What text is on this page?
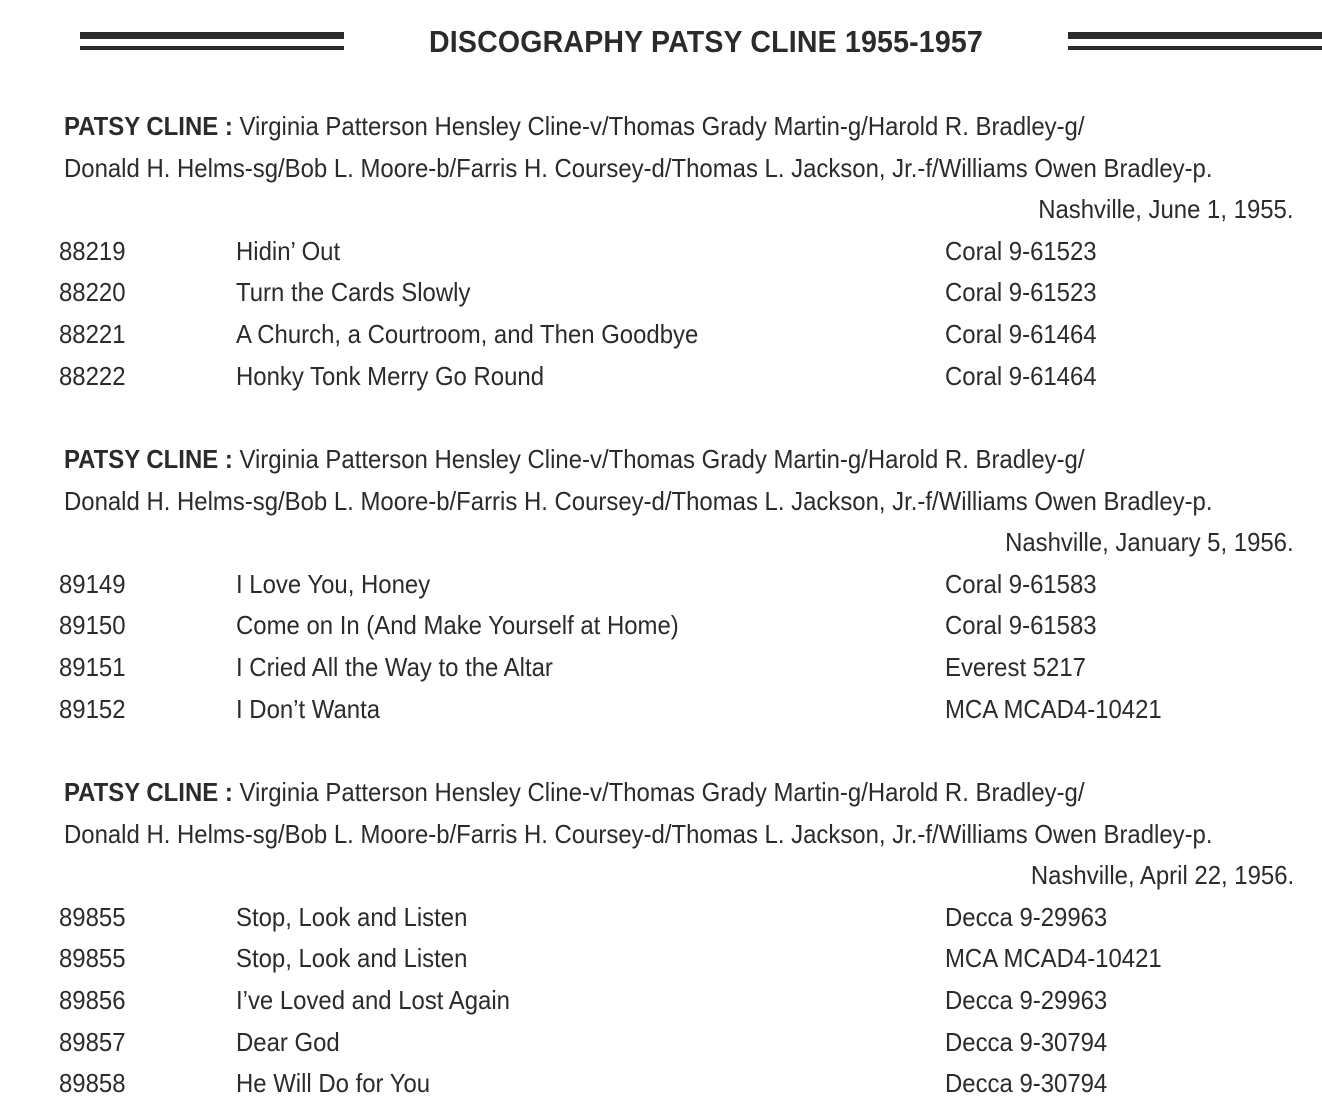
DISCOGRAPHY PATSY CLINE 1955-1957
PATSY CLINE : Virginia Patterson Hensley Cline-v/Thomas Grady Martin-g/Harold R. Bradley-g/
Donald H. Helms-sg/Bob L. Moore-b/Farris H. Coursey-d/Thomas L. Jackson, Jr.-f/Williams Owen Bradley-p.
Nashville, June 1, 1955.
88219	Hidin’ Out	Coral 9-61523
88220	Turn the Cards Slowly	Coral 9-61523
88221	A Church, a Courtroom, and Then Goodbye	Coral 9-61464
88222	Honky Tonk Merry Go Round	Coral 9-61464
PATSY CLINE : Virginia Patterson Hensley Cline-v/Thomas Grady Martin-g/Harold R. Bradley-g/
Donald H. Helms-sg/Bob L. Moore-b/Farris H. Coursey-d/Thomas L. Jackson, Jr.-f/Williams Owen Bradley-p.
Nashville, January 5, 1956.
89149	I Love You, Honey	Coral 9-61583
89150	Come on In (And Make Yourself at Home)	Coral 9-61583
89151	I Cried All the Way to the Altar	Everest 5217
89152	I Don’t Wanta	MCA MCAD4-10421
PATSY CLINE : Virginia Patterson Hensley Cline-v/Thomas Grady Martin-g/Harold R. Bradley-g/
Donald H. Helms-sg/Bob L. Moore-b/Farris H. Coursey-d/Thomas L. Jackson, Jr.-f/Williams Owen Bradley-p.
Nashville, April 22, 1956.
89855	Stop, Look and Listen	Decca 9-29963
89855	Stop, Look and Listen	MCA MCAD4-10421
89856	I’ve Loved and Lost Again	Decca 9-29963
89857	Dear God	Decca 9-30794
89858	He Will Do for You	Decca 9-30794
